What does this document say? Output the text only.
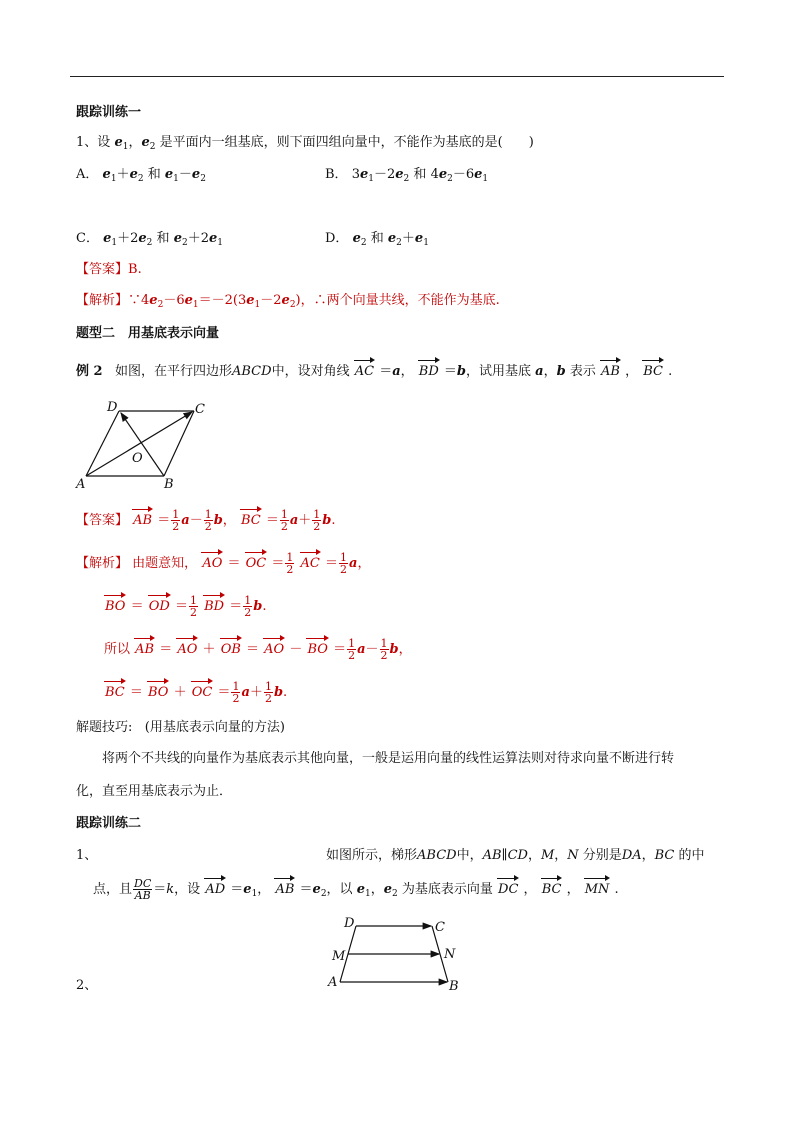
跟踪训练一
1、设 $e_1$，$e_2$ 是平面内一组基底，则下面四组向量中，不能作为基底的是(　　)
A． $e_1+e_2$ 和 $e_1-e_2$	B． $3e_1-2e_2$ 和 $4e_2-6e_1$
C． $e_1+2e_2$ 和 $e_2+2e_1$	D． $e_2$ 和 $e_2+e_1$
【答案】B.
【解析】$\because 4e_2-6e_1=-2(3e_1-2e_2)$，∴两个向量共线，不能作为基底.
题型二　用基底表示向量
例 2 如图，在平行四边形ABCD中，设对角线 AC ＝a， BD ＝b，试用基底 a，b 表示 AB ， BC .
D	C
A	B
O
【答案】 AB ＝ $\frac{1}{2} a- \frac{1}{2}$ b， BC ＝ $\frac{1}{2} a+ \frac{1}{2} b$.
【解析】 由题意知， AO ＝ OC ＝ $\frac{1}{2}$ AC ＝ $\frac{1}{2}$ a，
BO ＝ OD ＝ $\frac{1}{2}$ BD ＝ $\frac{1}{2} b$.
所以 AB ＝ AO ＋ OB ＝ AO － BO ＝ $\frac{1}{2} a- \frac{1}{2}$ b，
BC ＝ BO ＋ OC ＝ $\frac{1}{2} a+ \frac{1}{2} b$.
解题技巧: (用基底表示向量的方法)
将两个不共线的向量作为基底表示其他向量，一般是运用向量的线性运算法则对待求向量不断进行转
化，直至用基底表示为止．
跟踪训练二
1、	如图所示，梯形ABCD中，AB∥CD，M，N 分别是DA，BC 的中
点，且 $\frac{DC}{AB} =k$，设 AD $=e_1$， AB $=e_2$，以 $e_1$，$e_2$ 为基底表示向量 DC ， BC ， MN .
D	C
M	N
A	B
2、
